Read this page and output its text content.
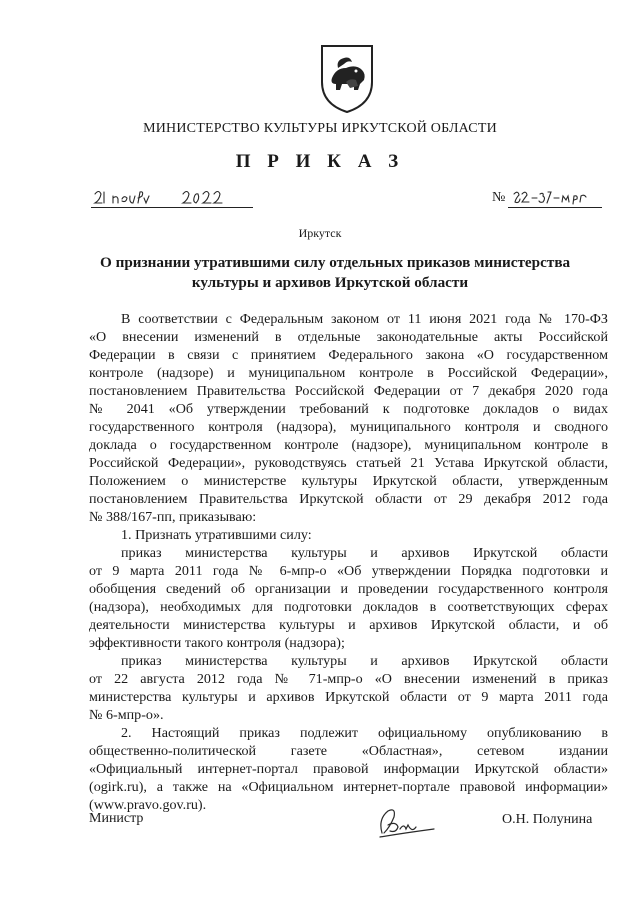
МИНИСТЕРСТВО КУЛЬТУРЫ ИРКУТСКОЙ ОБЛАСТИ
П Р И К А З
№
Иркутск
О признании утратившими силу отдельных приказов министерства
культуры и архивов Иркутской области
В соответствии с Федеральным законом от 11 июня 2021 года № 170-ФЗ
«О внесении изменений в отдельные законодательные акты Российской
Федерации в связи с принятием Федерального закона «О государственном
контроле (надзоре) и муниципальном контроле в Российской Федерации»,
постановлением Правительства Российской Федерации от 7 декабря 2020 года
№ 2041 «Об утверждении требований к подготовке докладов о видах
государственного контроля (надзора), муниципального контроля и сводного
доклада о государственном контроле (надзоре), муниципальном контроле в
Российской Федерации», руководствуясь статьей 21 Устава Иркутской области,
Положением о министерстве культуры Иркутской области, утвержденным
постановлением Правительства Иркутской области от 29 декабря 2012 года
№ 388/167-пп, приказываю:
1. Признать утратившими силу:
приказ министерства культуры и архивов Иркутской области
от 9 марта 2011 года № 6-мпр-о «Об утверждении Порядка подготовки и
обобщения сведений об организации и проведении государственного контроля
(надзора), необходимых для подготовки докладов в соответствующих сферах
деятельности министерства культуры и архивов Иркутской области, и об
эффективности такого контроля (надзора);
приказ министерства культуры и архивов Иркутской области
от 22 августа 2012 года № 71-мпр-о «О внесении изменений в приказ
министерства культуры и архивов Иркутской области от 9 марта 2011 года
№ 6-мпр-о».
2. Настоящий приказ подлежит официальному опубликованию в
общественно-политической газете «Областная», сетевом издании
«Официальный интернет-портал правовой информации Иркутской области»
(ogirk.ru), а также на «Официальном интернет-портале правовой информации»
(www.pravo.gov.ru).
Министр	О.Н. Полунина
